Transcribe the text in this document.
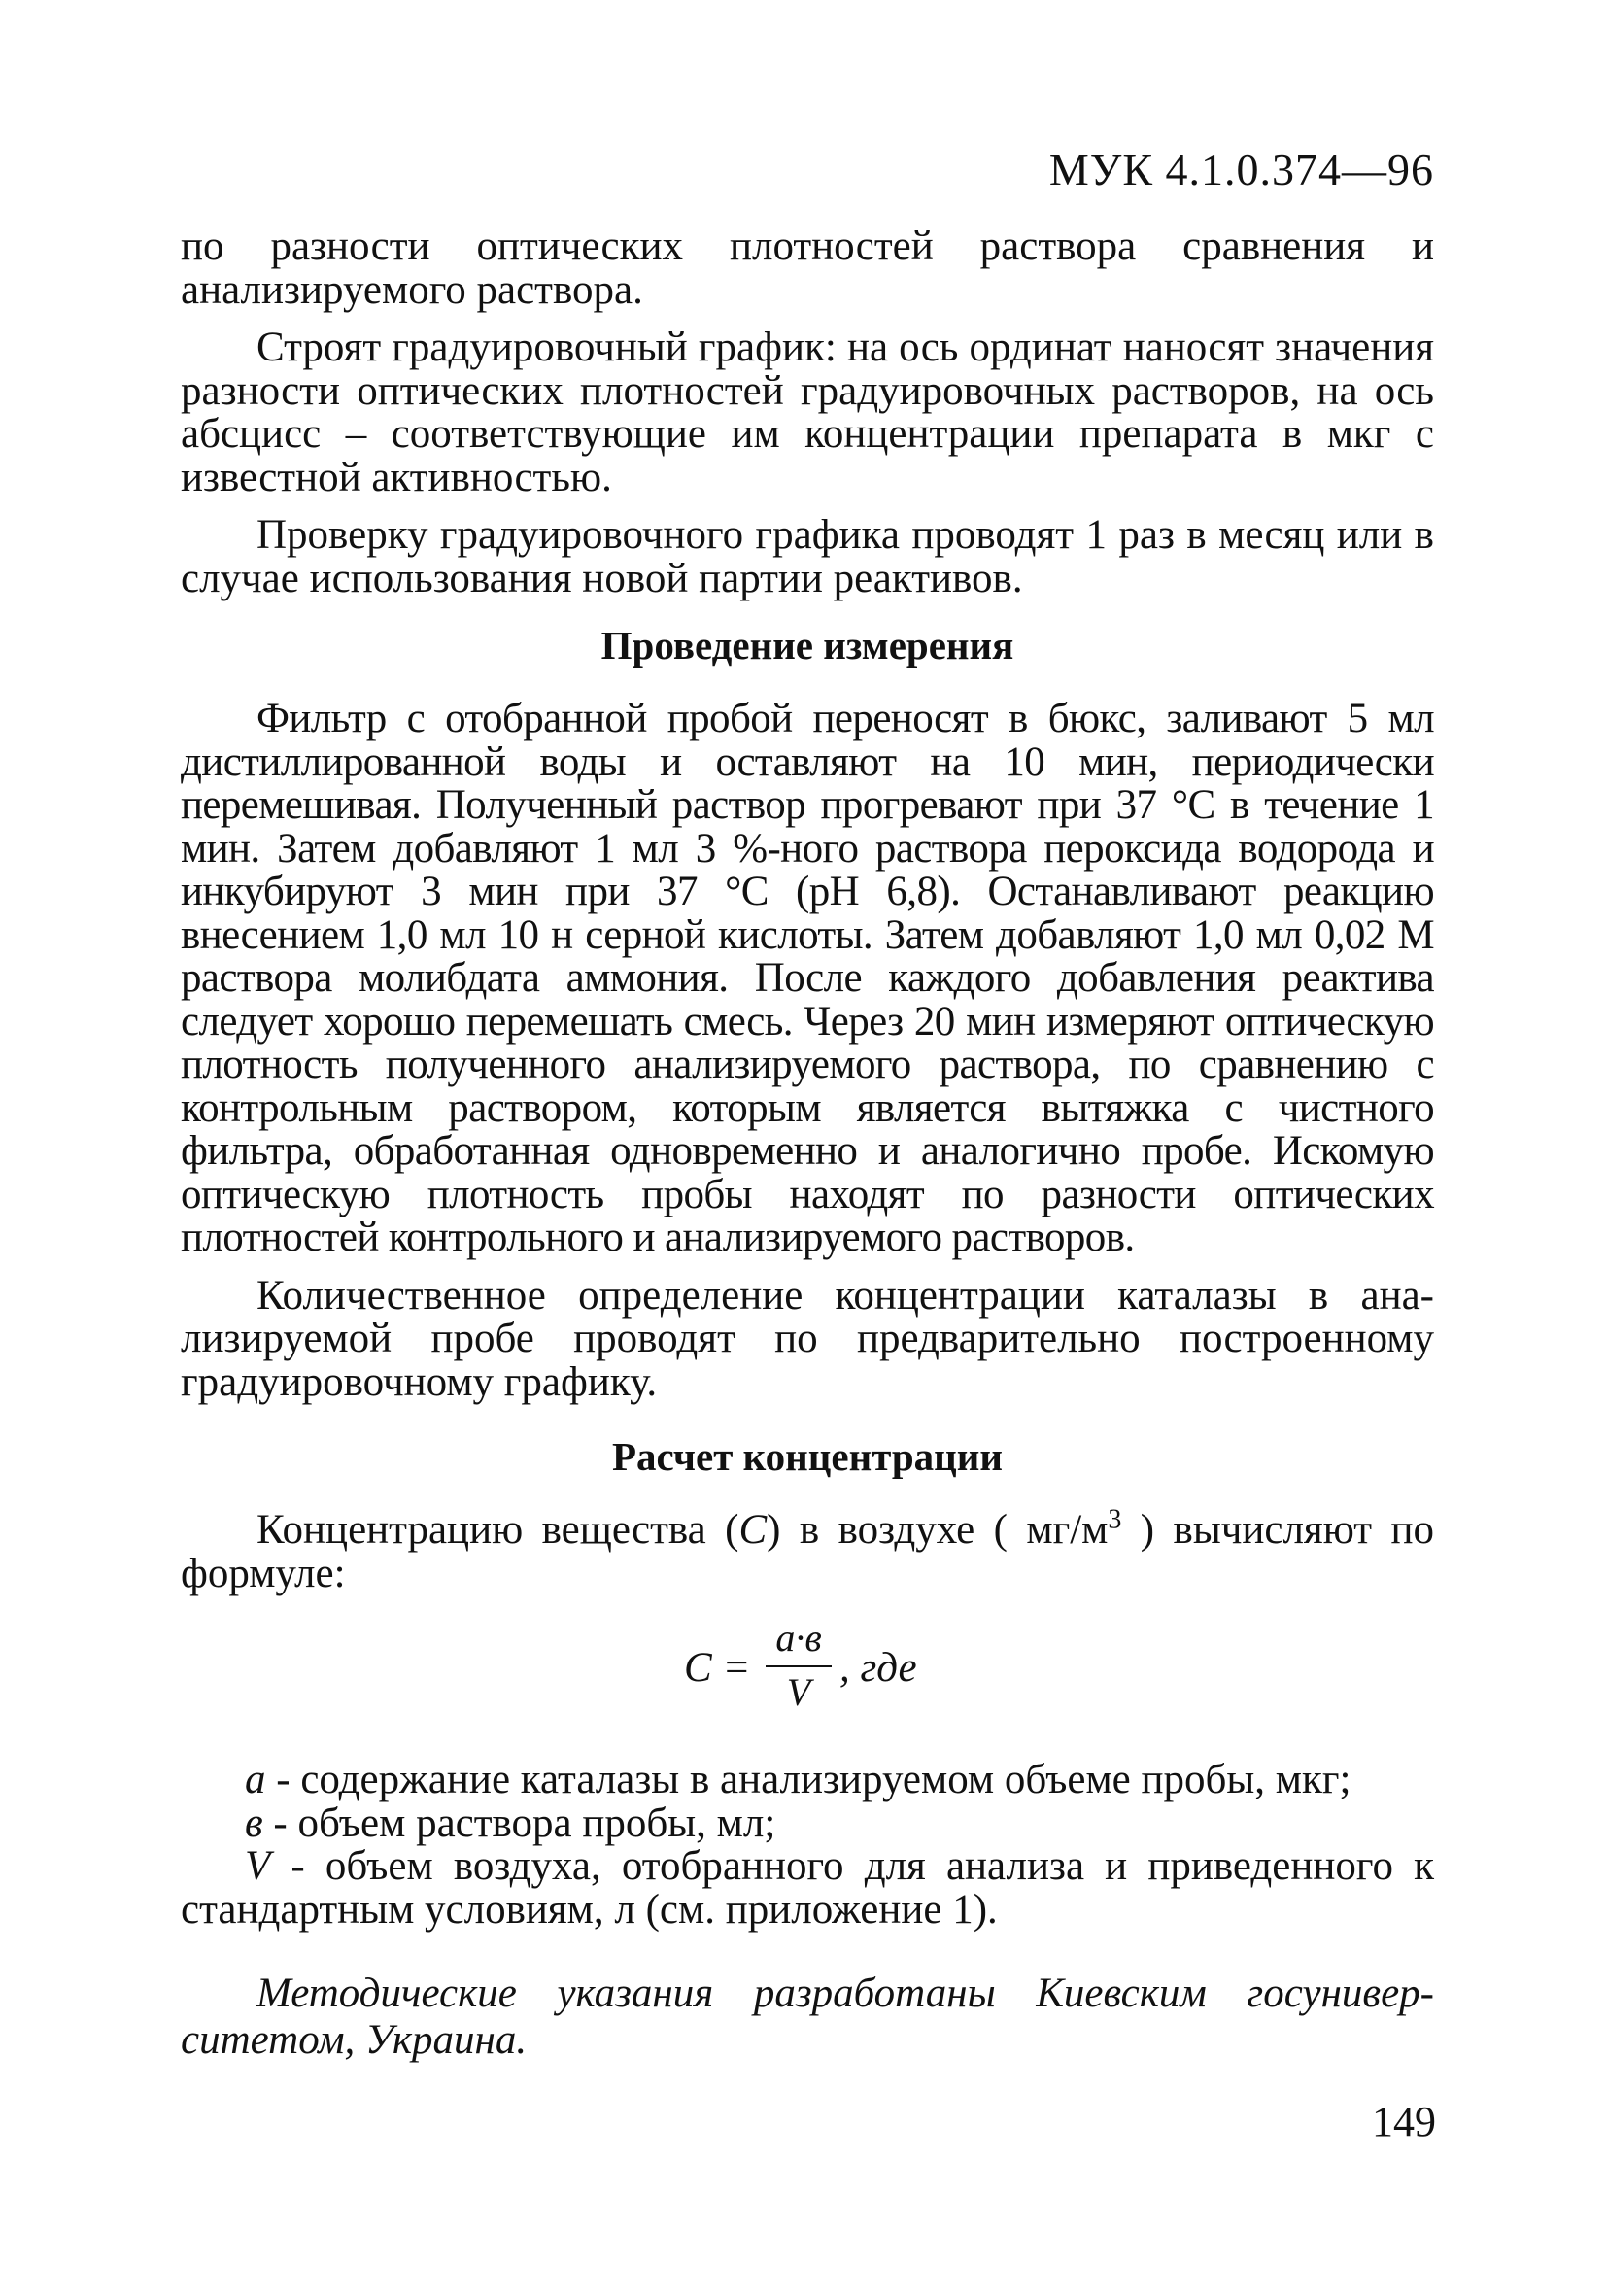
МУК 4.1.0.374—96

по разности оптических плотностей раствора сравнения и анализируемого раствора.

Строят градуировочный график: на ось ординат наносят значения разности оптических плотностей градуировочных растворов, на ось абсцисс – соответствующие им концентрации препарата в мкг с известной активностью.

Проверку градуировочного графика проводят 1 раз в месяц или в случае использования новой партии реактивов.

Проведение измерения

Фильтр с отобранной пробой переносят в бюкс, заливают 5 мл дистиллированной воды и оставляют на 10 мин, периодически перемешивая. Полученный раствор прогревают при 37 °С в течение 1 мин. Затем добавляют 1 мл 3 %-ного раствора пероксида водорода и инкубируют 3 мин при 37 °С (рН 6,8). Останавливают реакцию внесением 1,0 мл 10 н серной кислоты. Затем добавляют 1,0 мл 0,02 М раствора молибдата аммония. После каждого добавления реактива следует хорошо перемешать смесь. Через 20 мин измеряют оптическую плотность полученного анализируемого раствора, по сравнению с контрольным раствором, которым является вытяжка с чистного фильтра, обработанная одновременно и аналогично пробе. Искомую оптическую плотность пробы находят по разности оптических плотностей контрольного и анализируемого растворов.

Количественное определение концентрации каталазы в анализируемой пробе проводят по предварительно построенному градуировочному графику.

Расчет концентрации

Концентрацию вещества (С) в воздухе ( $мг/м^3$ ) вычисляют по формуле:

С =
а·в
V
, где

а - содержание каталазы в анализируемом объеме пробы, мкг;

в - объем раствора пробы, мл;

V - объем воздуха, отобранного для анализа и приведенного к стандартным условиям, л (см. приложение 1).

Методические указания разработаны Киевским госуниверситетом, Украина.

149
